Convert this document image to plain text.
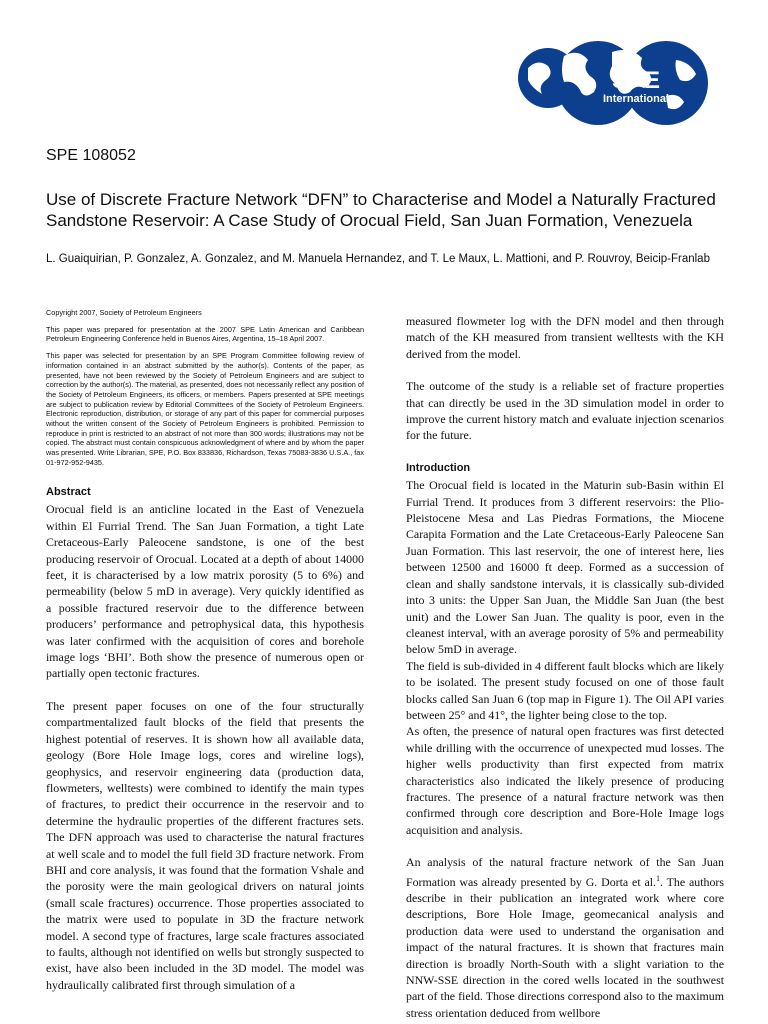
SPE
International
SPE 108052
Use of Discrete Fracture Network “DFN” to Characterise and Model a Naturally Fractured Sandstone Reservoir: A Case Study of Orocual Field, San Juan Formation, Venezuela
L. Guaiquirian, P. Gonzalez, A. Gonzalez, and M. Manuela Hernandez, and T. Le Maux, L. Mattioni, and P. Rouvroy, Beicip-Franlab

Copyright 2007, Society of Petroleum Engineers

This paper was prepared for presentation at the 2007 SPE Latin American and Caribbean Petroleum Engineering Conference held in Buenos Aires, Argentina, 15–18 April 2007.

This paper was selected for presentation by an SPE Program Committee following review of information contained in an abstract submitted by the author(s). Contents of the paper, as presented, have not been reviewed by the Society of Petroleum Engineers and are subject to correction by the author(s). The material, as presented, does not necessarily reflect any position of the Society of Petroleum Engineers, its officers, or members. Papers presented at SPE meetings are subject to publication review by Editorial Committees of the Society of Petroleum Engineers. Electronic reproduction, distribution, or storage of any part of this paper for commercial purposes without the written consent of the Society of Petroleum Engineers is prohibited. Permission to reproduce in print is restricted to an abstract of not more than 300 words; illustrations may not be copied. The abstract must contain conspicuous acknowledgment of where and by whom the paper was presented. Write Librarian, SPE, P.O. Box 833836, Richardson, Texas 75083-3836 U.S.A., fax 01-972-952-9435.

Abstract

Orocual field is an anticline located in the East of Venezuela within El Furrial Trend. The San Juan Formation, a tight Late Cretaceous-Early Paleocene sandstone, is one of the best producing reservoir of Orocual. Located at a depth of about 14000 feet, it is characterised by a low matrix porosity (5 to 6%) and permeability (below 5 mD in average). Very quickly identified as a possible fractured reservoir due to the difference between producers’ performance and petrophysical data, this hypothesis was later confirmed with the acquisition of cores and borehole image logs ‘BHI’. Both show the presence of numerous open or partially open tectonic fractures.

The present paper focuses on one of the four structurally compartmentalized fault blocks of the field that presents the highest potential of reserves. It is shown how all available data, geology (Bore Hole Image logs, cores and wireline logs), geophysics, and reservoir engineering data (production data, flowmeters, welltests) were combined to identify the main types of fractures, to predict their occurrence in the reservoir and to determine the hydraulic properties of the different fractures sets. The DFN approach was used to characterise the natural fractures at well scale and to model the full field 3D fracture network. From BHI and core analysis, it was found that the formation Vshale and the porosity were the main geological drivers on natural joints (small scale fractures) occurrence. Those properties associated to the matrix were used to populate in 3D the fracture network model. A second type of fractures, large scale fractures associated to faults, although not identified on wells but strongly suspected to exist, have also been included in the 3D model. The model was hydraulically calibrated first through simulation of a

measured flowmeter log with the DFN model and then through match of the KH measured from transient welltests with the KH derived from the model.

The outcome of the study is a reliable set of fracture properties that can directly be used in the 3D simulation model in order to improve the current history match and evaluate injection scenarios for the future.

Introduction

The Orocual field is located in the Maturin sub-Basin within El Furrial Trend. It produces from 3 different reservoirs: the Plio-Pleistocene Mesa and Las Piedras Formations, the Miocene Carapita Formation and the Late Cretaceous-Early Paleocene San Juan Formation. This last reservoir, the one of interest here, lies between 12500 and 16000 ft deep. Formed as a succession of clean and shally sandstone intervals, it is classically sub-divided into 3 units: the Upper San Juan, the Middle San Juan (the best unit) and the Lower San Juan. The quality is poor, even in the cleanest interval, with an average porosity of 5% and permeability below 5mD in average.

The field is sub-divided in 4 different fault blocks which are likely to be isolated. The present study focused on one of those fault blocks called San Juan 6 (top map in Figure 1). The Oil API varies between 25° and 41°, the lighter being close to the top.

As often, the presence of natural open fractures was first detected while drilling with the occurrence of unexpected mud losses. The higher wells productivity than first expected from matrix characteristics also indicated the likely presence of producing fractures. The presence of a natural fracture network was then confirmed through core description and Bore-Hole Image logs acquisition and analysis.

An analysis of the natural fracture network of the San Juan Formation was already presented by G. Dorta et al.$^1$. The authors describe in their publication an integrated work where core descriptions, Bore Hole Image, geomecanical analysis and production data were used to understand the organisation and impact of the natural fractures. It is shown that fractures main direction is broadly North-South with a slight variation to the NNW-SSE direction in the cored wells located in the southwest part of the field. Those directions correspond also to the maximum stress orientation deduced from wellbore
